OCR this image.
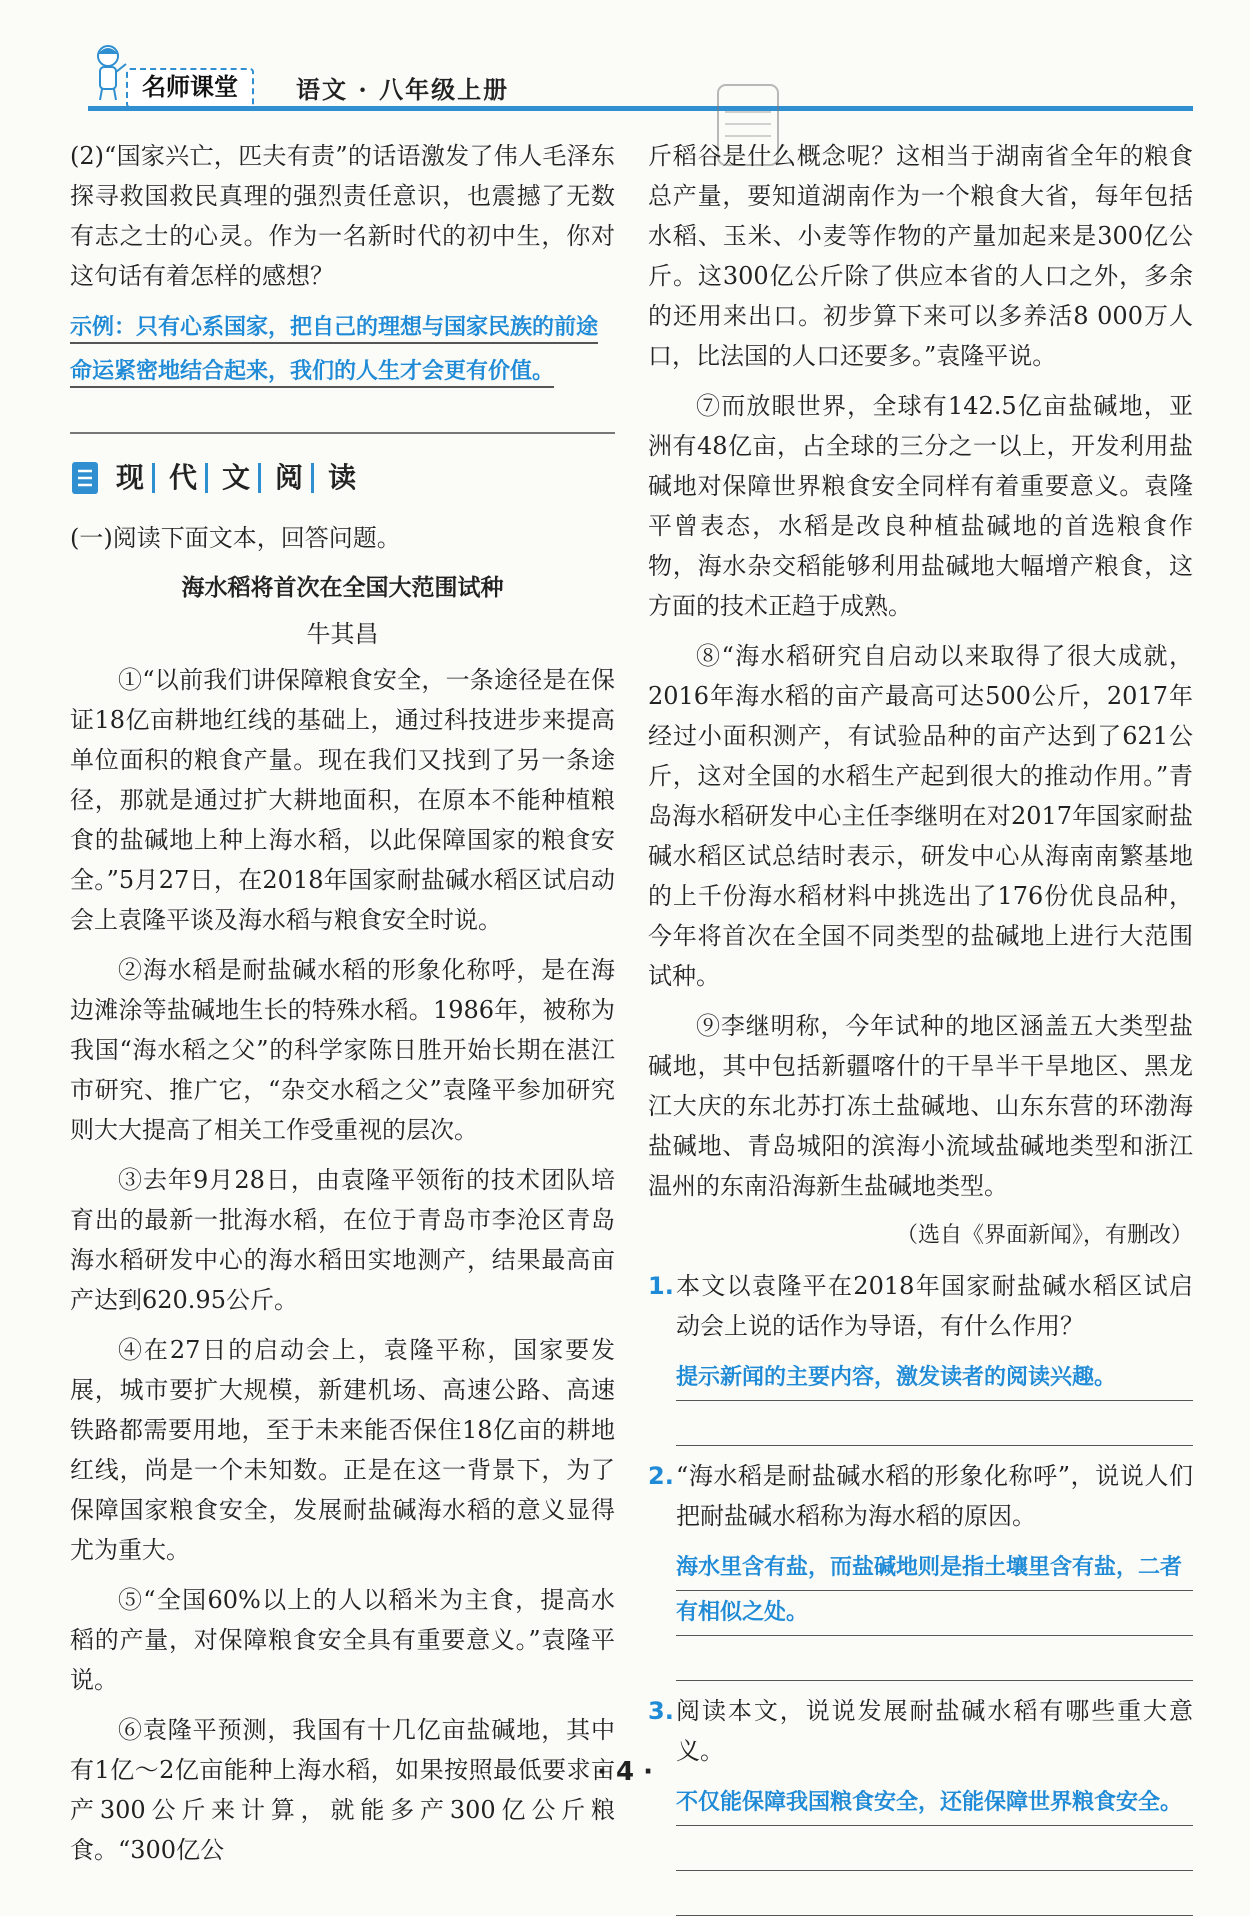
名师课堂	语文 · 八年级上册

(2)“国家兴亡，匹夫有责”的话语激发了伟人毛泽东探寻救国救民真理的强烈责任意识，也震撼了无数有志之士的心灵。作为一名新时代的初中生，你对这句话有着怎样的感想？

示例：只有心系国家，把自己的理想与国家民族的前途命运紧密地结合起来，我们的人生才会更有价值。
现 代 文 阅 读

(一)阅读下面文本，回答问题。

海水稻将首次在全国大范围试种

牛其昌

①“以前我们讲保障粮食安全，一条途径是在保证18亿亩耕地红线的基础上，通过科技进步来提高单位面积的粮食产量。现在我们又找到了另一条途径，那就是通过扩大耕地面积，在原本不能种植粮食的盐碱地上种上海水稻，以此保障国家的粮食安全。”5月27日，在2018年国家耐盐碱水稻区试启动会上袁隆平谈及海水稻与粮食安全时说。

②海水稻是耐盐碱水稻的形象化称呼，是在海边滩涂等盐碱地生长的特殊水稻。1986年，被称为我国“海水稻之父”的科学家陈日胜开始长期在湛江市研究、推广它，“杂交水稻之父”袁隆平参加研究则大大提高了相关工作受重视的层次。

③去年9月28日，由袁隆平领衔的技术团队培育出的最新一批海水稻，在位于青岛市李沧区青岛海水稻研发中心的海水稻田实地测产，结果最高亩产达到620.95公斤。

④在27日的启动会上，袁隆平称，国家要发展，城市要扩大规模，新建机场、高速公路、高速铁路都需要用地，至于未来能否保住18亿亩的耕地红线，尚是一个未知数。正是在这一背景下，为了保障国家粮食安全，发展耐盐碱海水稻的意义显得尤为重大。

⑤“全国60%以上的人以稻米为主食，提高水稻的产量，对保障粮食安全具有重要意义。”袁隆平说。

⑥袁隆平预测，我国有十几亿亩盐碱地，其中有1亿～2亿亩能种上海水稻，如果按照最低要求亩产300公斤来计算，就能多产300亿公斤粮食。“300亿公

斤稻谷是什么概念呢？这相当于湖南省全年的粮食总产量，要知道湖南作为一个粮食大省，每年包括水稻、玉米、小麦等作物的产量加起来是300亿公斤。这300亿公斤除了供应本省的人口之外，多余的还用来出口。初步算下来可以多养活8 000万人口，比法国的人口还要多。”袁隆平说。

⑦而放眼世界，全球有142.5亿亩盐碱地，亚洲有48亿亩，占全球的三分之一以上，开发利用盐碱地对保障世界粮食安全同样有着重要意义。袁隆平曾表态，水稻是改良种植盐碱地的首选粮食作物，海水杂交稻能够利用盐碱地大幅增产粮食，这方面的技术正趋于成熟。

⑧“海水稻研究自启动以来取得了很大成就，2016年海水稻的亩产最高可达500公斤，2017年经过小面积测产，有试验品种的亩产达到了621公斤，这对全国的水稻生产起到很大的推动作用。”青岛海水稻研发中心主任李继明在对2017年国家耐盐碱水稻区试总结时表示，研发中心从海南南繁基地的上千份海水稻材料中挑选出了176份优良品种，今年将首次在全国不同类型的盐碱地上进行大范围试种。

⑨李继明称，今年试种的地区涵盖五大类型盐碱地，其中包括新疆喀什的干旱半干旱地区、黑龙江大庆的东北苏打冻土盐碱地、山东东营的环渤海盐碱地、青岛城阳的滨海小流域盐碱地类型和浙江温州的东南沿海新生盐碱地类型。

（选自《界面新闻》，有删改）

1. 本文以袁隆平在2018年国家耐盐碱水稻区试启动会上说的话作为导语，有什么作用？

提示新闻的主要内容，激发读者的阅读兴趣。

2. “海水稻是耐盐碱水稻的形象化称呼”，说说人们把耐盐碱水稻称为海水稻的原因。

海水里含有盐，而盐碱地则是指土壤里含有盐，二者
有相似之处。

3. 阅读本文，说说发展耐盐碱水稻有哪些重大意义。

不仅能保障我国粮食安全，还能保障世界粮食安全。
· 4 ·
